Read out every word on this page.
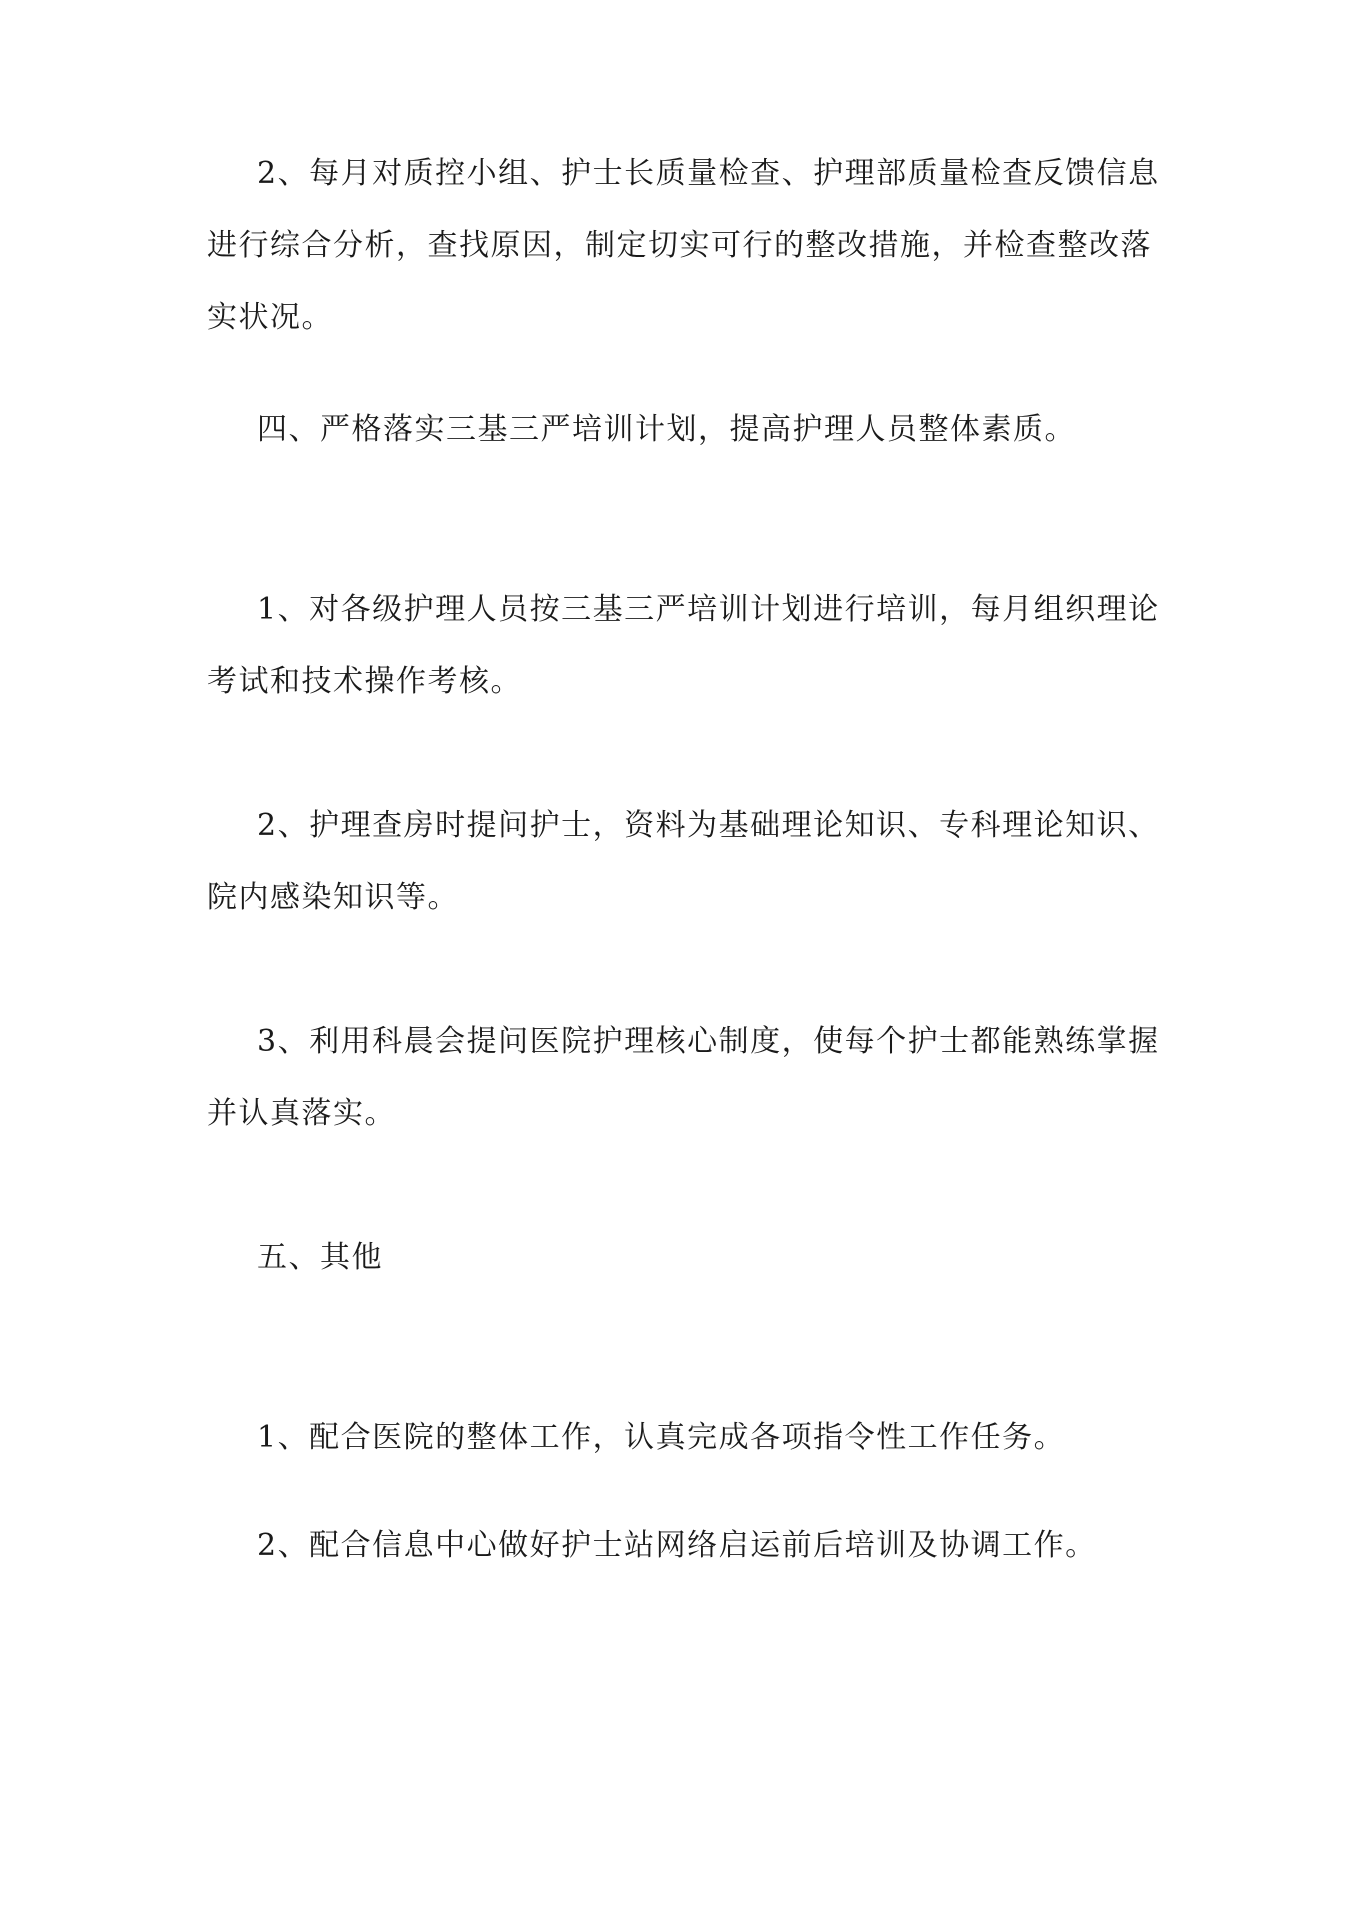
2、每月对质控小组、护士长质量检查、护理部质量检查反馈信息进行综合分析，查找原因，制定切实可行的整改措施，并检查整改落实状况。

四、严格落实三基三严培训计划，提高护理人员整体素质。

1、对各级护理人员按三基三严培训计划进行培训，每月组织理论考试和技术操作考核。

2、护理查房时提问护士，资料为基础理论知识、专科理论知识、院内感染知识等。

3、利用科晨会提问医院护理核心制度，使每个护士都能熟练掌握并认真落实。

五、其他

1、配合医院的整体工作，认真完成各项指令性工作任务。

2、配合信息中心做好护士站网络启运前后培训及协调工作。
